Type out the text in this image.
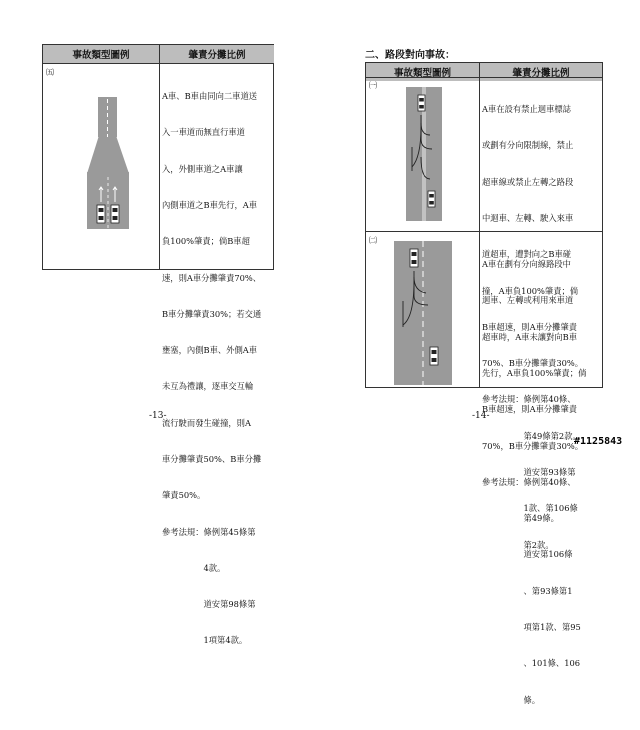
事故類型圖例	肇責分攤比例
㈤

A車、B車由同向二車道送

入一車道而無直行車道

入，外側車道之A車讓

內側車道之B車先行，A車

負100%肇責；倘B車超

速，則A車分攤肇責70%、

B車分攤肇責30%；若交通

壅塞，內側B車、外側A車

未互為禮讓，逐車交互輪

流行駛而發生碰撞，則A

車分攤肇責50%、B車分攤

肇責50%。

參考法規：條例第45條第

　　　　　4款。

　　　　　道安第98條第

　　　　　1項第4款。

-13-
二、路段對向事故：
事故類型圖例	肇責分攤比例
㈠

A車在設有禁止迴車標誌

或劃有分向限制線，禁止

超車線或禁止左轉之路段

中迴車、左轉、駛入來車

道超車，遭對向之B車碰

撞，A車負100%肇責；倘

B車超速，則A車分攤肇責

70%、B車分攤肇責30%。

參考法規：條例第40條、

　　　　　第49條第2款。

　　　　　道安第93條第

　　　　　1款、第106條

　　　　　第2款。

㈡

A車在劃有分向線路段中

迴車、左轉或利用來車道

超車時，A車未讓對向B車

先行，A車負100%肇責；倘

B車超速，則A車分攤肇責

70%，B車分攤肇責30%。

參考法規：條例第40條、

　　　　　第49條。

　　　　　道安第106條

　　　　　、第93條第1

　　　　　項第1款、第95

　　　　　、101條、106

　　　　　條。

-14-
#1125843
